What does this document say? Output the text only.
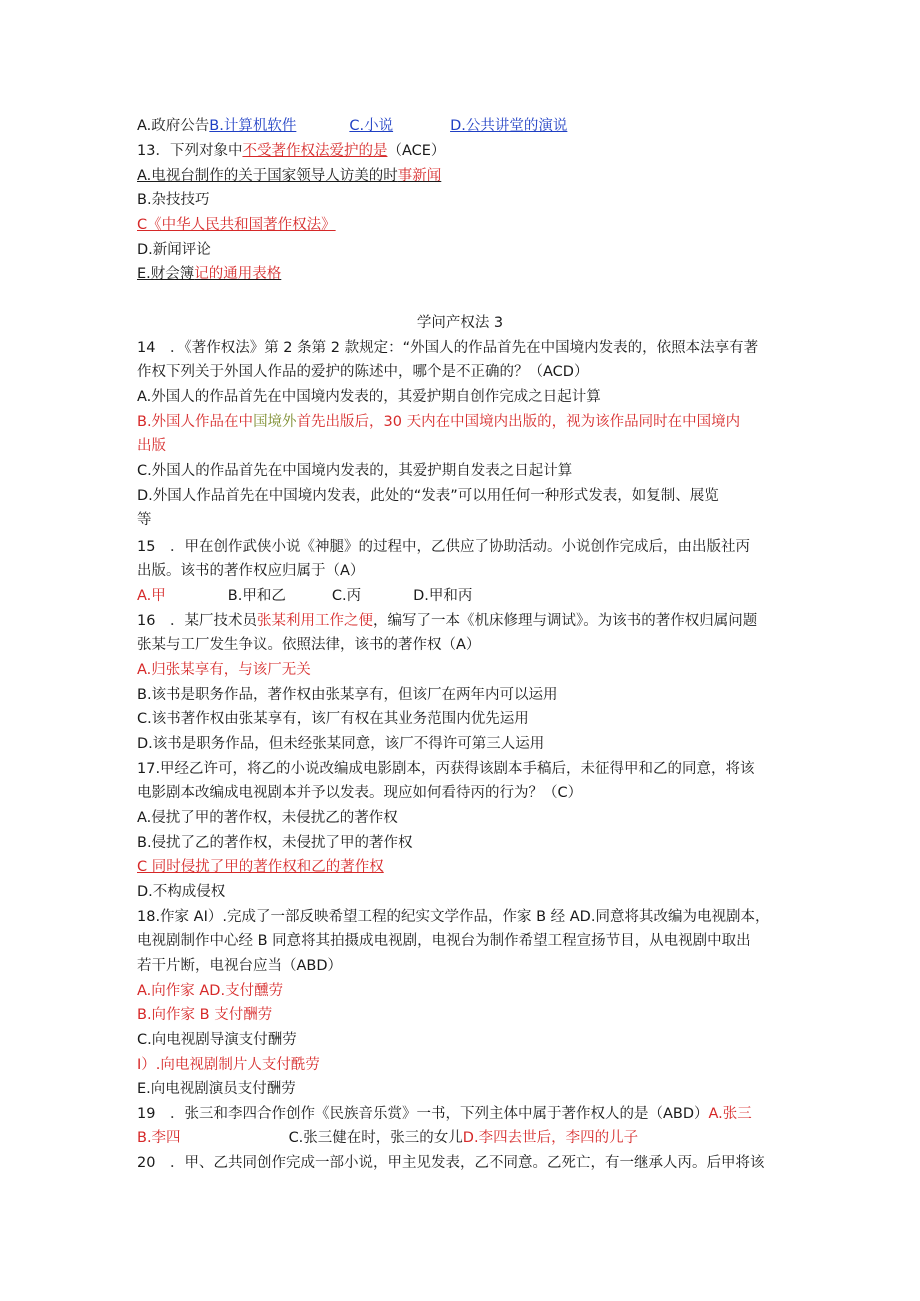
A.政府公告B.计算机软件	C.小说	D.公共讲堂的演说
13．下列对象中不受著作权法爱护的是（ACE）
A.电视台制作的关于国家领导人访美的时事新闻
B.杂技技巧
C《中华人民共和国著作权法》
D.新闻评论
E.财会簿记的通用表格
学问产权法 3
14　．《著作权法》第 2 条第 2 款规定：“外国人的作品首先在中国境内发表的，依照本法享有著
作权下列关于外国人作品的爱护的陈述中，哪个是不正确的？（ACD）
A.外国人的作品首先在中国境内发表的，其爱护期自创作完成之日起计算
B.外国人作品在中国境外首先出版后，30 天内在中国境内出版的，视为该作品同时在中国境内
出版
C.外国人的作品首先在中国境内发表的，其爱护期自发表之日起计算
D.外国人作品首先在中国境内发表，此处的“发表”可以用任何一种形式发表，如复制、展览
等
15　．甲在创作武侠小说《神腿》的过程中，乙供应了协助活动。小说创作完成后，由出版社丙
出版。该书的著作权应归属于（A）
A.甲	B.甲和乙	C.丙	D.甲和丙
16　．某厂技术员张某利用工作之便，编写了一本《机床修理与调试》。为该书的著作权归属问题
张某与工厂发生争议。依照法律，该书的著作权（A）
A.归张某享有，与该厂无关
B.该书是职务作品，著作权由张某享有，但该厂在两年内可以运用
C.该书著作权由张某享有，该厂有权在其业务范围内优先运用
D.该书是职务作品，但未经张某同意，该厂不得许可第三人运用
17.甲经乙许可，将乙的小说改编成电影剧本，丙获得该剧本手稿后，未征得甲和乙的同意，将该
电影剧本改编成电视剧本并予以发表。现应如何看待丙的行为？（C）
A.侵扰了甲的著作权，未侵扰乙的著作权
B.侵扰了乙的著作权，未侵扰了甲的著作权
C 同时侵扰了甲的著作权和乙的著作权
D.不构成侵权
18.作家 AI）.完成了一部反映希望工程的纪实文学作品，作家 B 经 AD.同意将其改编为电视剧本，
电视剧制作中心经 B 同意将其拍摄成电视剧，电视台为制作希望工程宣扬节目，从电视剧中取出
若干片断，电视台应当（ABD）
A.向作家 AD.支付醺劳
B.向作家 B 支付酬劳
C.向电视剧导演支付酬劳
I）.向电视剧制片人支付酰劳
E.向电视剧演员支付酬劳
19　．张三和李四合作创作《民族音乐赏》一书，下列主体中属于著作权人的是（ABD）A.张三
B.李四	C.张三健在时，张三的女儿D.李四去世后，李四的儿子
20　．甲、乙共同创作完成一部小说，甲主见发表，乙不同意。乙死亡，有一继承人丙。后甲将该
